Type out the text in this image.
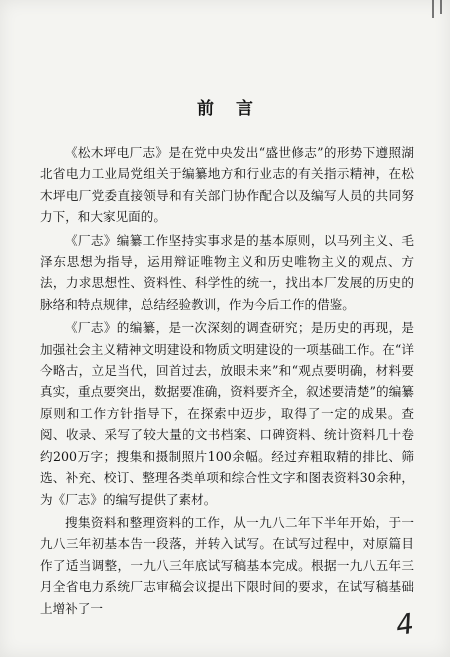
前言

《松木坪电厂志》是在党中央发出“盛世修志”的形势下遵照湖北省电力工业局党组关于编纂地方和行业志的有关指示精神，在松木坪电厂党委直接领导和有关部门协作配合以及编写人员的共同努力下，和大家见面的。

《厂志》编纂工作坚持实事求是的基本原则，以马列主义、毛泽东思想为指导，运用辩证唯物主义和历史唯物主义的观点、方法，力求思想性、资料性、科学性的统一，找出本厂发展的历史的脉络和特点规律，总结经验教训，作为今后工作的借鉴。

《厂志》的编纂，是一次深刻的调查研究；是历史的再现，是加强社会主义精神文明建设和物质文明建设的一项基础工作。在“详今略古，立足当代，回首过去，放眼未来”和“观点要明确，材料要真实，重点要突出，数据要准确，资料要齐全，叙述要清楚”的编纂原则和工作方针指导下，在探索中迈步，取得了一定的成果。查阅、收录、采写了较大量的文书档案、口碑资料、统计资料几十卷约200万字；搜集和摄制照片100余幅。经过弃粗取精的排比、筛选、补充、校订、整理各类单项和综合性文字和图表资料30余种，为《厂志》的编写提供了素材。

搜集资料和整理资料的工作，从一九八二年下半年开始，于一九八三年初基本告一段落，并转入试写。在试写过程中，对原篇目作了适当调整，一九八三年底试写稿基本完成。根据一九八五年三月全省电力系统厂志审稿会议提出下限时间的要求，在试写稿基础上增补了一	4
